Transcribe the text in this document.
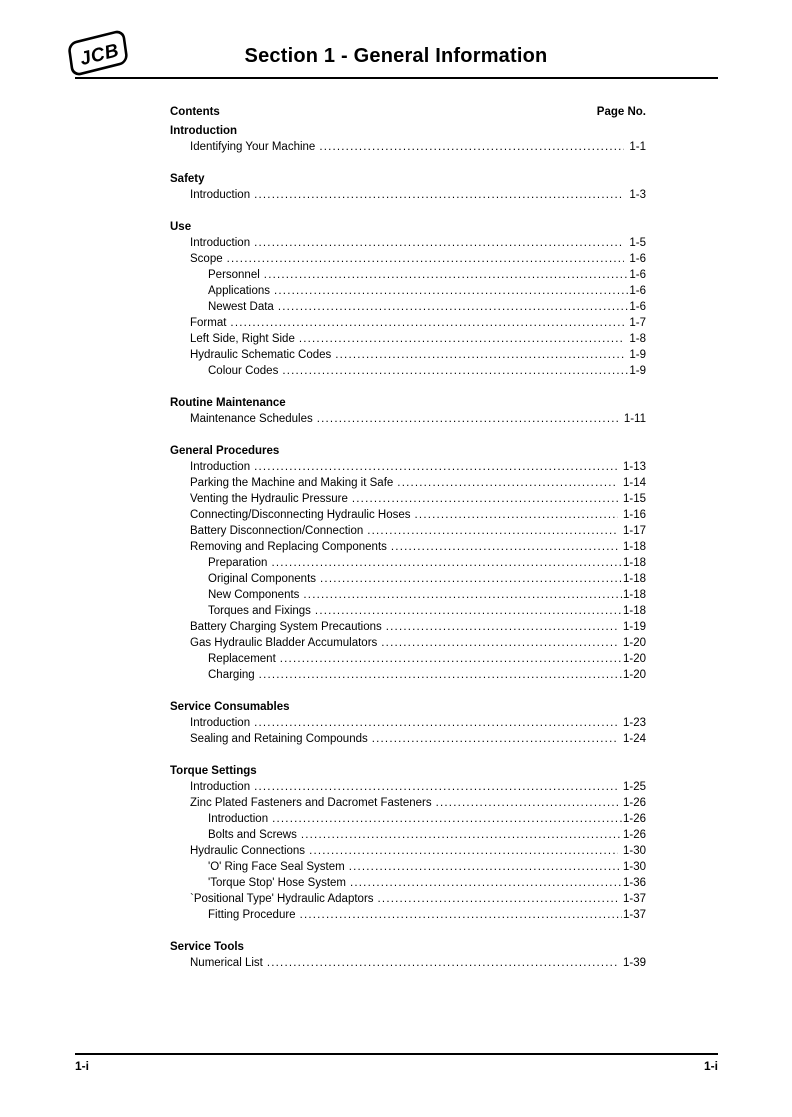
JCB	Section 1 - General Information
Contents	Page No.
Introduction
Identifying Your Machine .....	1-1
Safety
Introduction .....	1-3
Use
Introduction .....	1-5
Scope .....	1-6
Personnel .....	1-6
Applications .....	1-6
Newest Data .....	1-6
Format .....	1-7
Left Side, Right Side .....	1-8
Hydraulic Schematic Codes .....	1-9
Colour Codes .....	1-9
Routine Maintenance
Maintenance Schedules .....	1-11
General Procedures
Introduction .....	1-13
Parking the Machine and Making it Safe .....	1-14
Venting the Hydraulic Pressure .....	1-15
Connecting/Disconnecting Hydraulic Hoses .....	1-16
Battery Disconnection/Connection .....	1-17
Removing and Replacing Components .....	1-18
Preparation .....	1-18
Original Components .....	1-18
New Components .....	1-18
Torques and Fixings .....	1-18
Battery Charging System Precautions .....	1-19
Gas Hydraulic Bladder Accumulators .....	1-20
Replacement .....	1-20
Charging .....	1-20
Service Consumables
Introduction .....	1-23
Sealing and Retaining Compounds .....	1-24
Torque Settings
Introduction .....	1-25
Zinc Plated Fasteners and Dacromet Fasteners .....	1-26
Introduction .....	1-26
Bolts and Screws .....	1-26
Hydraulic Connections .....	1-30
'O' Ring Face Seal System .....	1-30
'Torque Stop' Hose System .....	1-36
`Positional Type' Hydraulic Adaptors .....	1-37
Fitting Procedure .....	1-37
Service Tools
Numerical List .....	1-39
1-i	1-i
